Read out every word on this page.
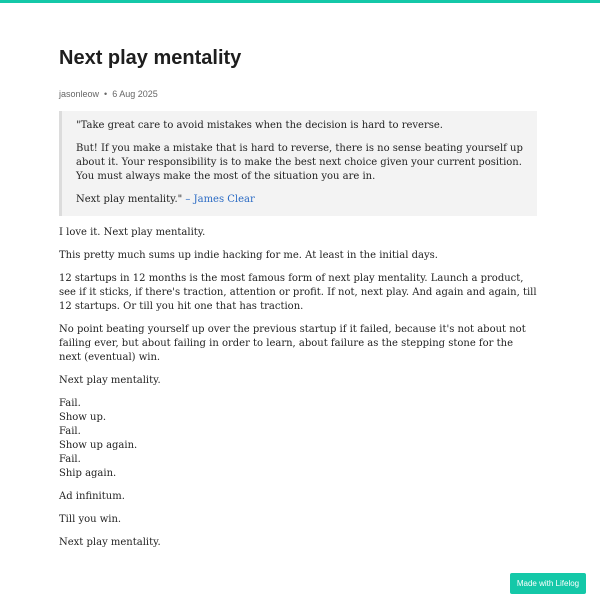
Next play mentality
jasonleow • 6 Aug 2025

"Take great care to avoid mistakes when the decision is hard to reverse.

But! If you make a mistake that is hard to reverse, there is no sense beating yourself up about it. Your responsibility is to make the best next choice given your current position. You must always make the most of the situation you are in.

Next play mentality." – James Clear

I love it. Next play mentality.

This pretty much sums up indie hacking for me. At least in the initial days.

12 startups in 12 months is the most famous form of next play mentality. Launch a product, see if it sticks, if there's traction, attention or profit. If not, next play. And again and again, till 12 startups. Or till you hit one that has traction.

No point beating yourself up over the previous startup if it failed, because it's not about not failing ever, but about failing in order to learn, about failure as the stepping stone for the next (eventual) win.

Next play mentality.

Fail.
Show up.
Fail.
Show up again.
Fail.
Ship again.

Ad infinitum.

Till you win.

Next play mentality.

Made with Lifelog
